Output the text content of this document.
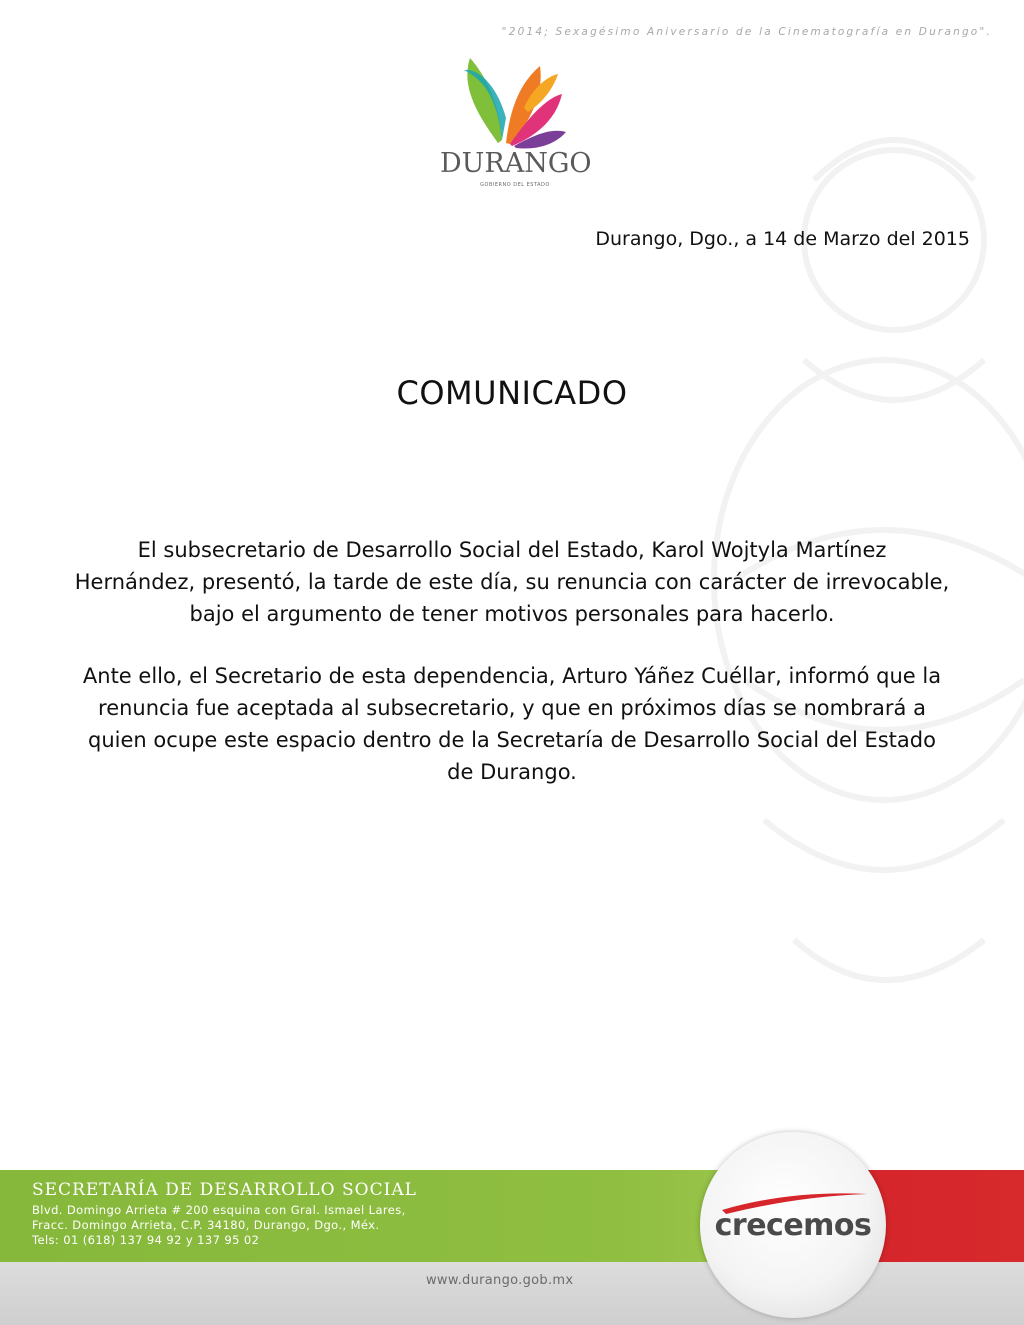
"2014; Sexagésimo Aniversario de la Cinematografía en Durango".
DURANGO
GOBIERNO DEL ESTADO
Durango, Dgo., a 14 de Marzo del 2015
COMUNICADO

El subsecretario de Desarrollo Social del Estado, Karol Wojtyla Martínez
Hernández, presentó, la tarde de este día, su renuncia con carácter de irrevocable,
bajo el argumento de tener motivos personales para hacerlo.

Ante ello, el Secretario de esta dependencia, Arturo Yáñez Cuéllar, informó que la
renuncia fue aceptada al subsecretario, y que en próximos días se nombrará a
quien ocupe este espacio dentro de la Secretaría de Desarrollo Social del Estado
de Durango.

SECRETARÍA DE DESARROLLO SOCIAL
Blvd. Domingo Arrieta # 200 esquina con Gral. Ismael Lares,
Fracc. Domingo Arrieta, C.P. 34180, Durango, Dgo., Méx.
Tels: 01 (618) 137 94 92 y 137 95 02
www.durango.gob.mx
crecemos
